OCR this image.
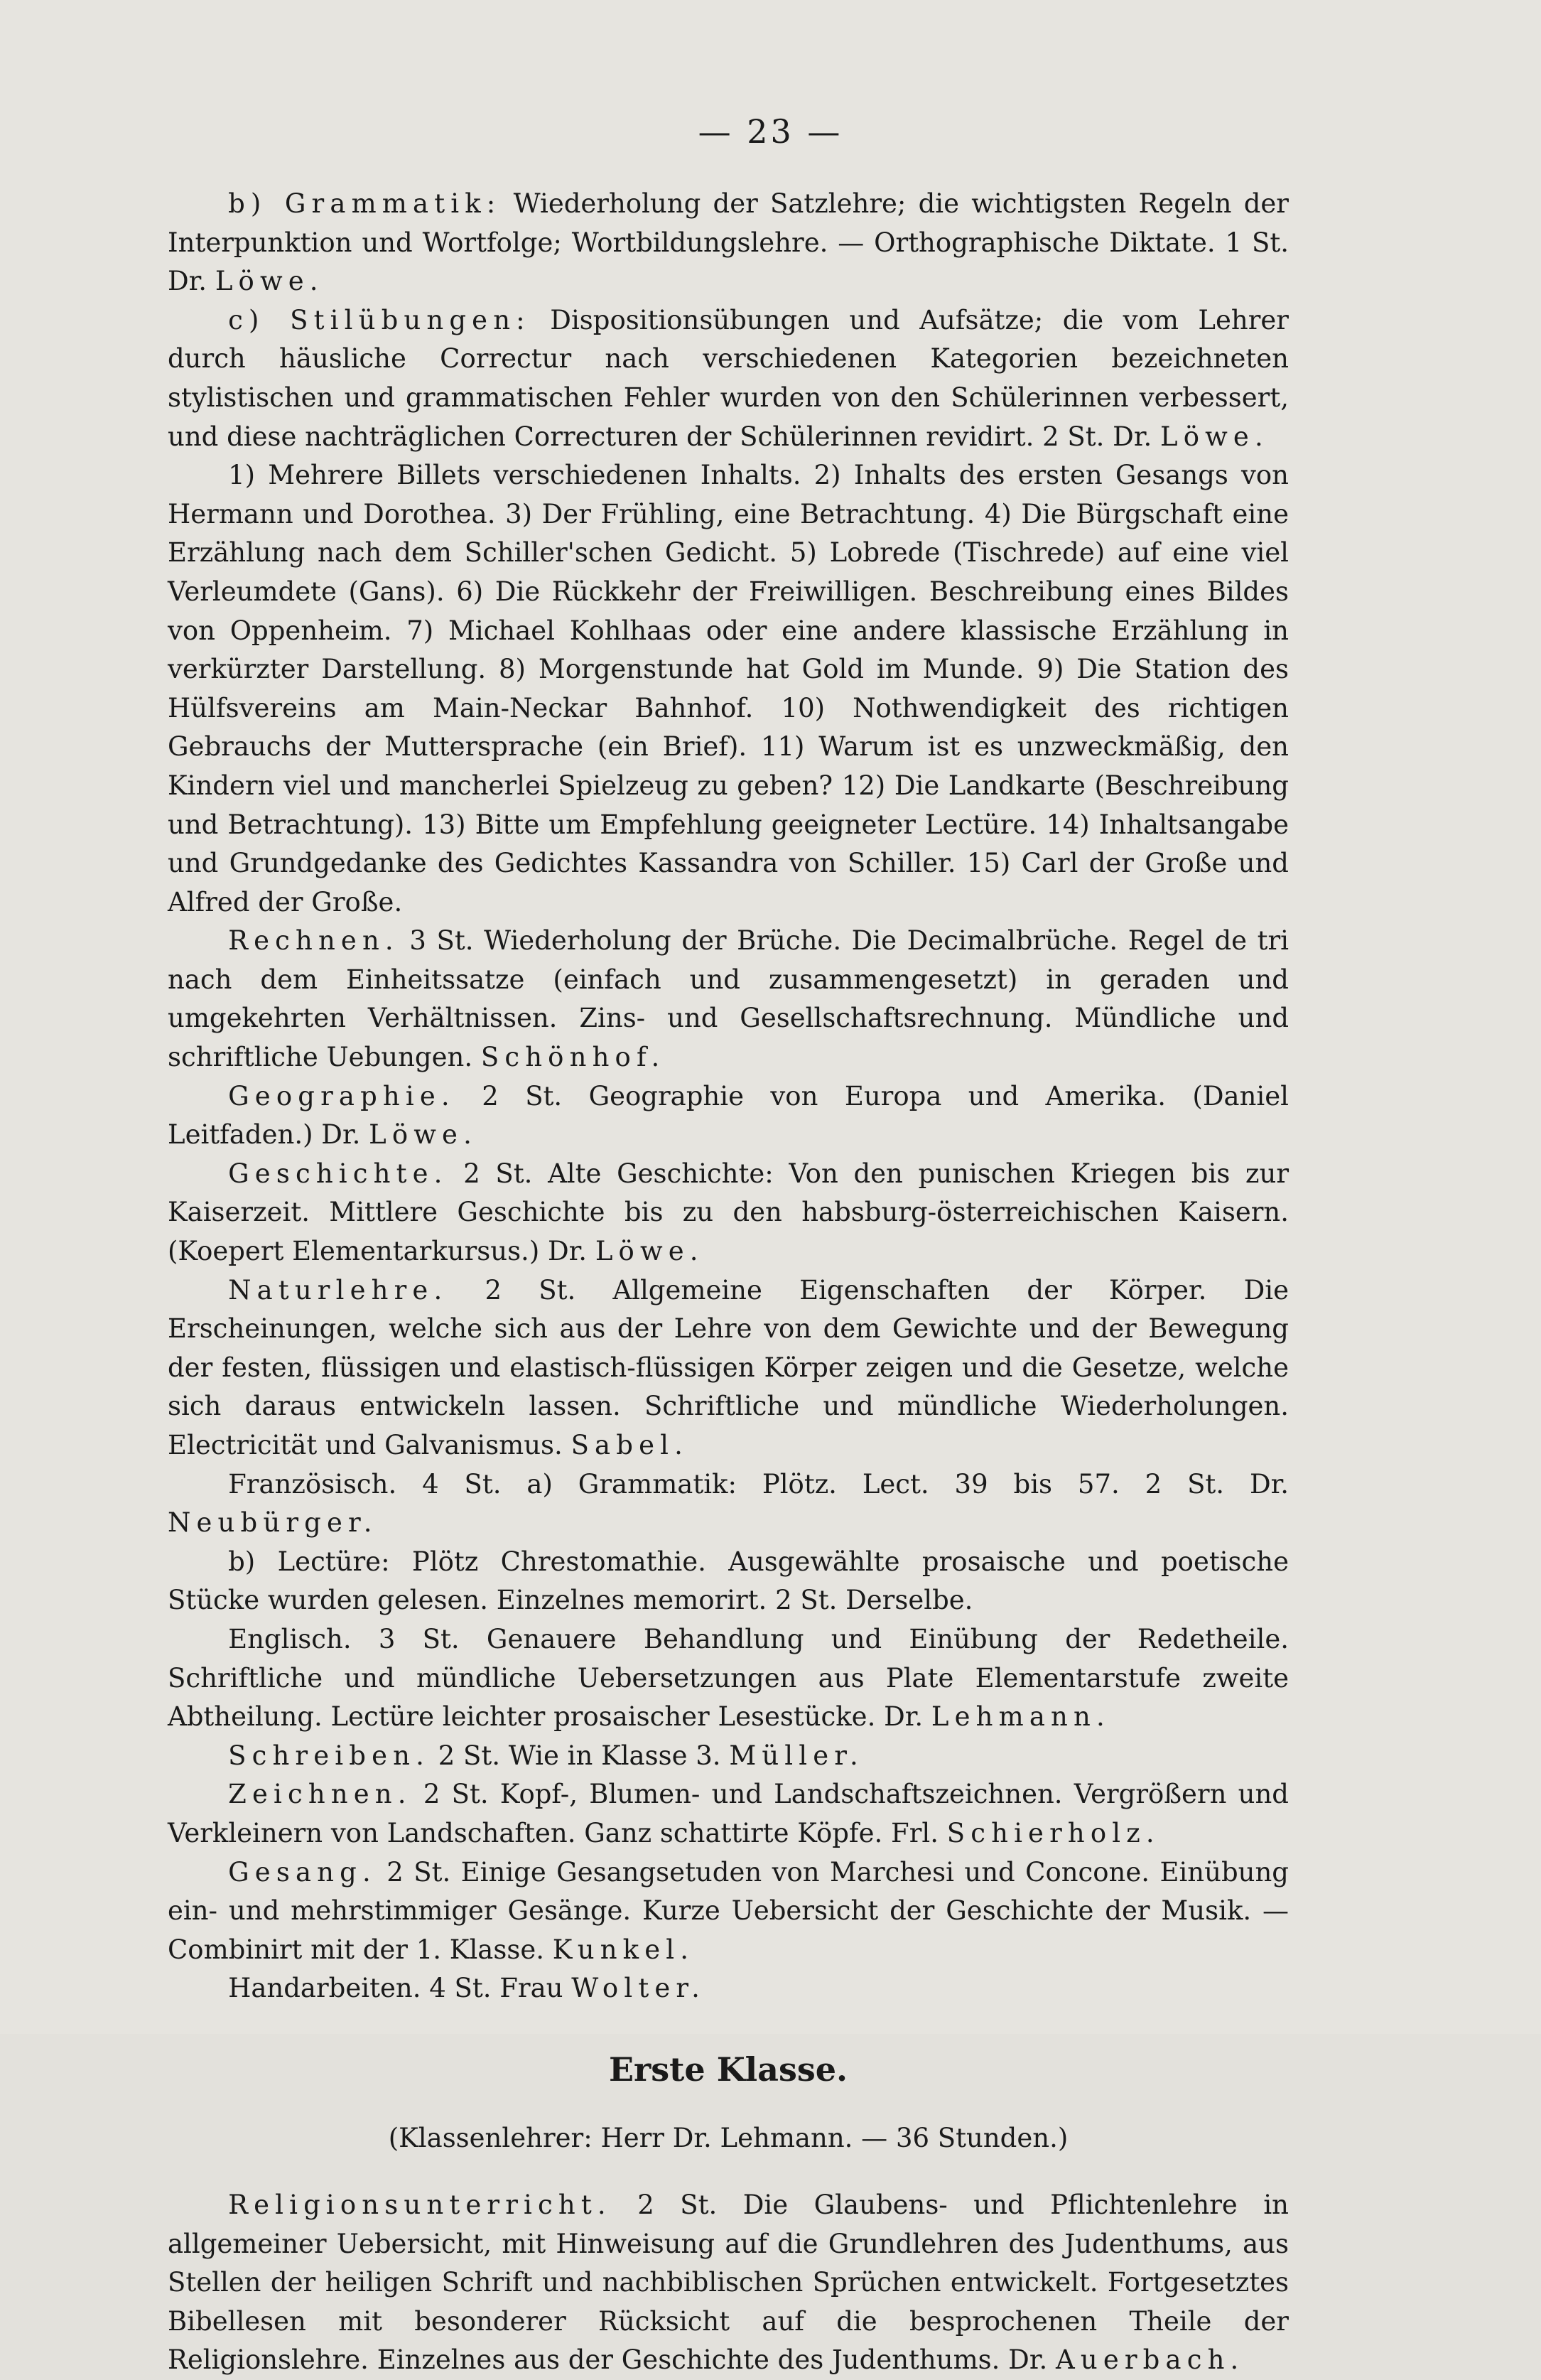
— 23 —

b) Grammatik: Wiederholung der Satzlehre; die wichtigsten Regeln der Interpunktion und Wortfolge; Wortbildungslehre. — Orthographische Diktate. 1 St. Dr. Löwe.

c) Stilübungen: Dispositionsübungen und Aufsätze; die vom Lehrer durch häusliche Correctur nach verschiedenen Kategorien bezeichneten stylistischen und grammatischen Fehler wurden von den Schülerinnen verbessert, und diese nachträglichen Correcturen der Schülerinnen revidirt. 2 St. Dr. Löwe.

1) Mehrere Billets verschiedenen Inhalts. 2) Inhalts des ersten Gesangs von Hermann und Dorothea. 3) Der Frühling, eine Betrachtung. 4) Die Bürgschaft eine Erzählung nach dem Schiller'schen Gedicht. 5) Lobrede (Tischrede) auf eine viel Verleumdete (Gans). 6) Die Rückkehr der Freiwilligen. Beschreibung eines Bildes von Oppenheim. 7) Michael Kohlhaas oder eine andere klassische Erzählung in verkürzter Darstellung. 8) Morgenstunde hat Gold im Munde. 9) Die Station des Hülfsvereins am Main-Neckar Bahnhof. 10) Nothwendigkeit des richtigen Gebrauchs der Muttersprache (ein Brief). 11) Warum ist es unzweckmäßig, den Kindern viel und mancherlei Spielzeug zu geben? 12) Die Landkarte (Beschreibung und Betrachtung). 13) Bitte um Empfehlung geeigneter Lectüre. 14) Inhaltsangabe und Grundgedanke des Gedichtes Kassandra von Schiller. 15) Carl der Große und Alfred der Große.

Rechnen. 3 St. Wiederholung der Brüche. Die Decimalbrüche. Regel de tri nach dem Einheitssatze (einfach und zusammengesetzt) in geraden und umgekehrten Verhältnissen. Zins- und Gesellschaftsrechnung. Mündliche und schriftliche Uebungen. Schönhof.

Geographie. 2 St. Geographie von Europa und Amerika. (Daniel Leitfaden.) Dr. Löwe.

Geschichte. 2 St. Alte Geschichte: Von den punischen Kriegen bis zur Kaiserzeit. Mittlere Geschichte bis zu den habsburg-österreichischen Kaisern. (Koepert Elementarkursus.) Dr. Löwe.

Naturlehre. 2 St. Allgemeine Eigenschaften der Körper. Die Erscheinungen, welche sich aus der Lehre von dem Gewichte und der Bewegung der festen, flüssigen und elastisch-flüssigen Körper zeigen und die Gesetze, welche sich daraus entwickeln lassen. Schriftliche und mündliche Wiederholungen. Electricität und Galvanismus. Sabel.

Französisch. 4 St. a) Grammatik: Plötz. Lect. 39 bis 57. 2 St. Dr. Neubürger.

b) Lectüre: Plötz Chrestomathie. Ausgewählte prosaische und poetische Stücke wurden gelesen. Einzelnes memorirt. 2 St. Derselbe.

Englisch. 3 St. Genauere Behandlung und Einübung der Redetheile. Schriftliche und mündliche Uebersetzungen aus Plate Elementarstufe zweite Abtheilung. Lectüre leichter prosaischer Lesestücke. Dr. Lehmann.

Schreiben. 2 St. Wie in Klasse 3. Müller.

Zeichnen. 2 St. Kopf-, Blumen- und Landschaftszeichnen. Vergrößern und Verkleinern von Landschaften. Ganz schattirte Köpfe. Frl. Schierholz.

Gesang. 2 St. Einige Gesangsetuden von Marchesi und Concone. Einübung ein- und mehrstimmiger Gesänge. Kurze Uebersicht der Geschichte der Musik. — Combinirt mit der 1. Klasse. Kunkel.

Handarbeiten. 4 St. Frau Wolter.

Erste Klasse.
(Klassenlehrer: Herr Dr. Lehmann. — 36 Stunden.)

Religionsunterricht. 2 St. Die Glaubens- und Pflichtenlehre in allgemeiner Uebersicht, mit Hinweisung auf die Grundlehren des Judenthums, aus Stellen der heiligen Schrift und nachbiblischen Sprüchen entwickelt. Fortgesetztes Bibellesen mit besonderer Rücksicht auf die besprochenen Theile der Religionslehre. Einzelnes aus der Geschichte des Judenthums. Dr. Auerbach.
